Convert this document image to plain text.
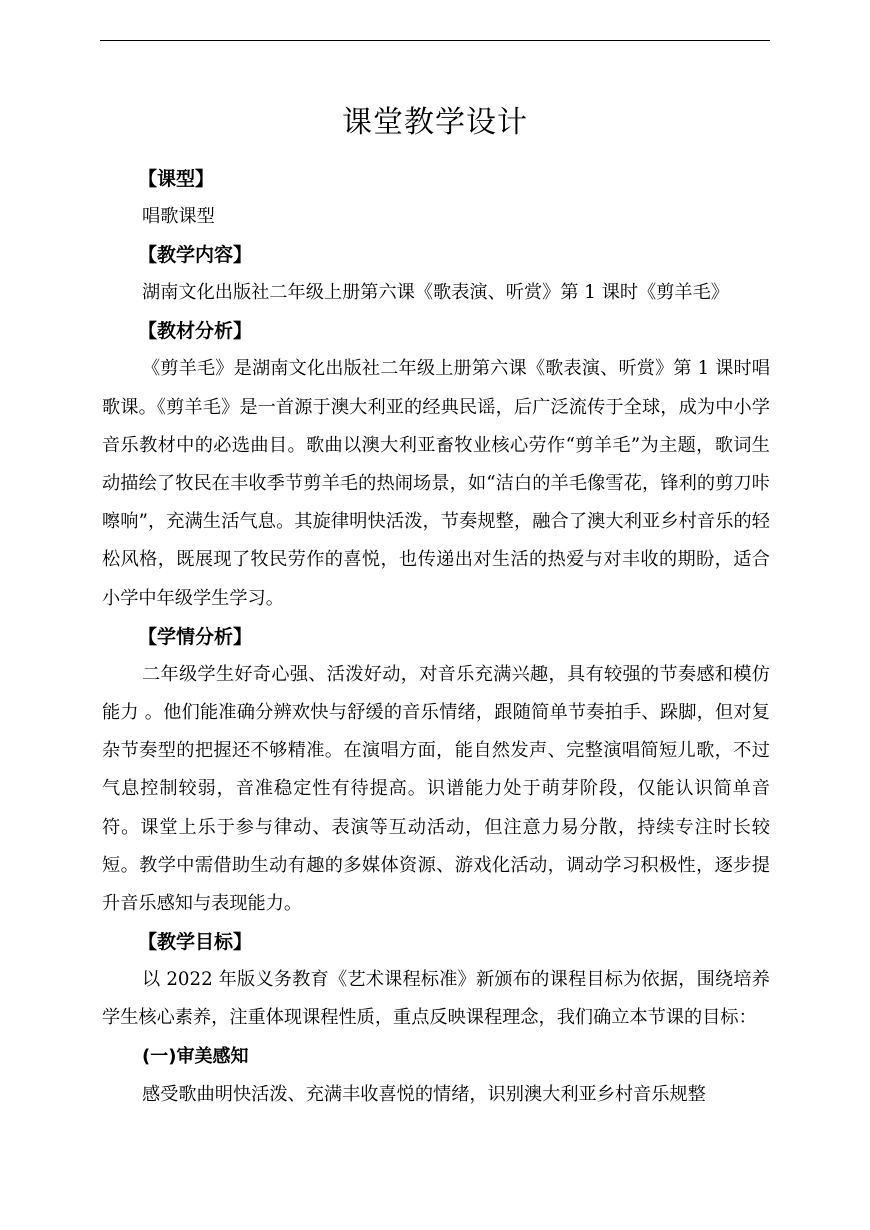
课堂教学设计
【课型】

唱歌课型

【教学内容】

湖南文化出版社二年级上册第六课《歌表演、听赏》第 1 课时《剪羊毛》

【教材分析】

《剪羊毛》是湖南文化出版社二年级上册第六课《歌表演、听赏》第 1 课时唱歌课。《剪羊毛》是一首源于澳大利亚的经典民谣，后广泛流传于全球，成为中小学音乐教材中的必选曲目。歌曲以澳大利亚畜牧业核心劳作“剪羊毛”为主题，歌词生动描绘了牧民在丰收季节剪羊毛的热闹场景，如“洁白的羊毛像雪花，锋利的剪刀咔嚓响”，充满生活气息。其旋律明快活泼，节奏规整，融合了澳大利亚乡村音乐的轻松风格，既展现了牧民劳作的喜悦，也传递出对生活的热爱与对丰收的期盼，适合小学中年级学生学习。

【学情分析】

二年级学生好奇心强、活泼好动，对音乐充满兴趣，具有较强的节奏感和模仿能力 。他们能准确分辨欢快与舒缓的音乐情绪，跟随简单节奏拍手、跺脚，但对复杂节奏型的把握还不够精准。在演唱方面，能自然发声、完整演唱简短儿歌，不过气息控制较弱，音准稳定性有待提高。识谱能力处于萌芽阶段，仅能认识简单音符。课堂上乐于参与律动、表演等互动活动，但注意力易分散，持续专注时长较短。教学中需借助生动有趣的多媒体资源、游戏化活动，调动学习积极性，逐步提升音乐感知与表现能力。

【教学目标】

以 2022 年版义务教育《艺术课程标准》新颁布的课程目标为依据，围绕培养学生核心素养，注重体现课程性质，重点反映课程理念，我们确立本节课的目标：

(一)审美感知

感受歌曲明快活泼、充满丰收喜悦的情绪，识别澳大利亚乡村音乐规整
